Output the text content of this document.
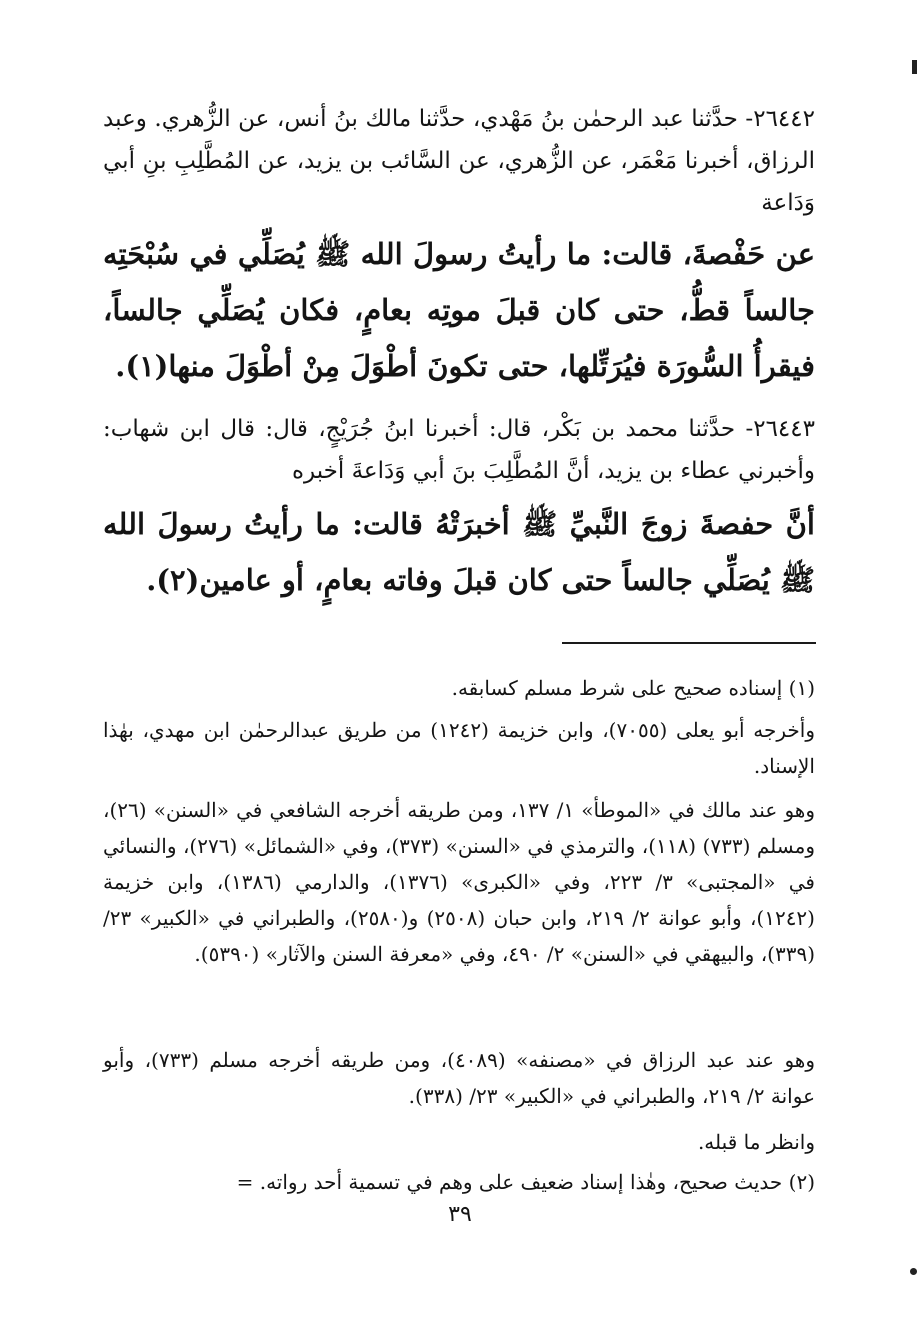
٢٦٤٤٢- حدَّثنا عبد الرحمٰن بنُ مَهْدي، حدَّثنا مالك بنُ أنس، عن الزُّهري. وعبد الرزاق، أخبرنا مَعْمَر، عن الزُّهري، عن السَّائب بن يزيد، عن المُطَّلِبِ بنِ أبي وَدَاعة

عن حَفْصةَ، قالت: ما رأيتُ رسولَ الله ﷺ يُصَلِّي في سُبْحَتِه جالساً قطُّ، حتى كان قبلَ موتِه بعامٍ، فكان يُصَلِّي جالساً، فيقرأُ السُّورَة فيُرَتِّلها، حتى تكونَ أطْوَلَ مِنْ أطْوَلَ منها(١).

٢٦٤٤٣- حدَّثنا محمد بن بَكْر، قال: أخبرنا ابنُ جُرَيْجٍ، قال: قال ابن شهاب: وأخبرني عطاء بن يزيد، أنَّ المُطَّلِبَ بنَ أبي وَدَاعةَ أخبره

أنَّ حفصةَ زوجَ النَّبيِّ ﷺ أخبرَتْهُ قالت: ما رأيتُ رسولَ الله ﷺ يُصَلِّي جالساً حتى كان قبلَ وفاته بعامٍ، أو عامين(٢).

(١) إسناده صحيح على شرط مسلم كسابقه.

وأخرجه أبو يعلى (٧٠٥٥)، وابن خزيمة (١٢٤٢) من طريق عبدالرحمٰن ابن مهدي، بهٰذا الإسناد.

وهو عند مالك في «الموطأ» ١/ ١٣٧، ومن طريقه أخرجه الشافعي في «السنن» (٢٦)، ومسلم (٧٣٣) (١١٨)، والترمذي في «السنن» (٣٧٣)، وفي «الشمائل» (٢٧٦)، والنسائي في «المجتبى» ٣/ ٢٢٣، وفي «الكبرى» (١٣٧٦)، والدارمي (١٣٨٦)، وابن خزيمة (١٢٤٢)، وأبو عوانة ٢/ ٢١٩، وابن حبان (٢٥٠٨) و(٢٥٨٠)، والطبراني في «الكبير» ٢٣/ (٣٣٩)، والبيهقي في «السنن» ٢/ ٤٩٠، وفي «معرفة السنن والآثار» (٥٣٩٠).

وهو عند عبد الرزاق في «مصنفه» (٤٠٨٩)، ومن طريقه أخرجه مسلم (٧٣٣)، وأبو عوانة ٢/ ٢١٩، والطبراني في «الكبير» ٢٣/ (٣٣٨).

وانظر ما قبله.

(٢) حديث صحيح، وهٰذا إسناد ضعيف على وهم في تسمية أحد رواته. =

٣٩
